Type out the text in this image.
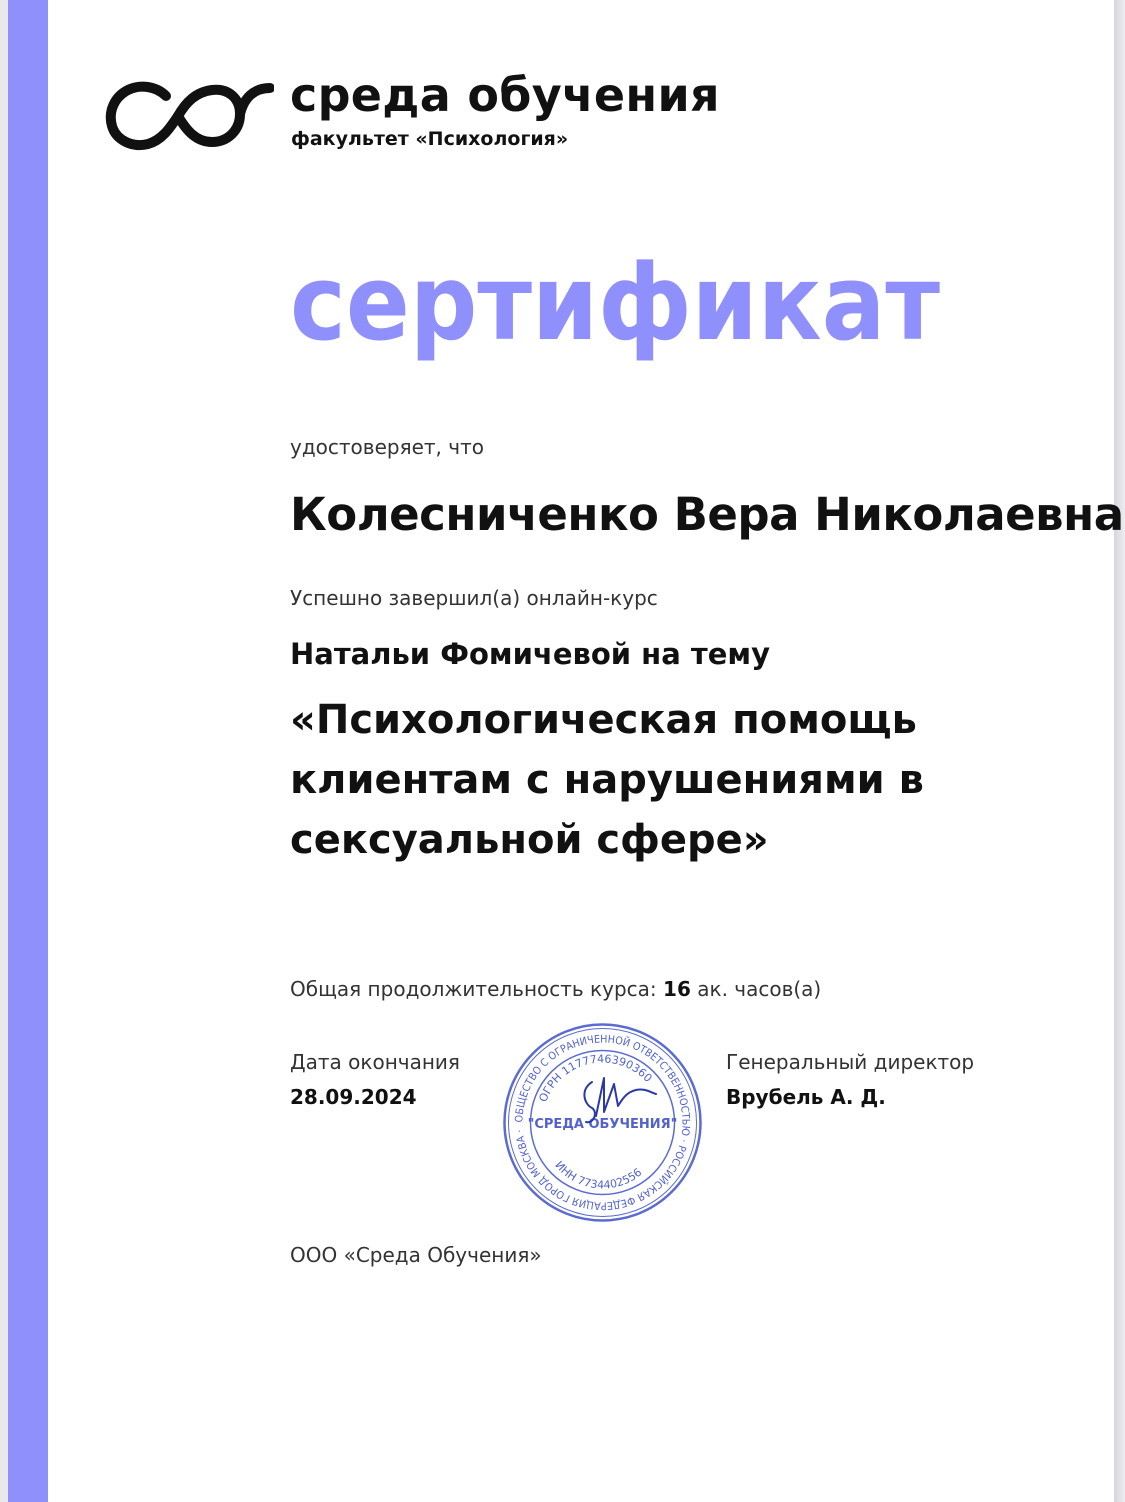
среда обучения
факультет «Психология»
сертификат
удостоверяет, что
Колесниченко Вера Николаевна
Успешно завершил(а) онлайн-курс
Натальи Фомичевой на тему
«Психологическая помощь клиентам с нарушениями в сексуальной сфере»
Общая продолжительность курса: 16 ак. часов(а)
Дата окончания
28.09.2024
Генеральный директор
Врубель А. Д.
ОБЩЕСТВО С ОГРАНИЧЕННОЙ ОТВЕТСТВЕННОСТЬЮ · РОССИЙСКАЯ ФЕДЕРАЦИЯ ГОРОД МОСКВА ·
ОГРН 1177746390360
"СРЕДА ОБУЧЕНИЯ"
ИНН 7734402556
ООО «Среда Обучения»
